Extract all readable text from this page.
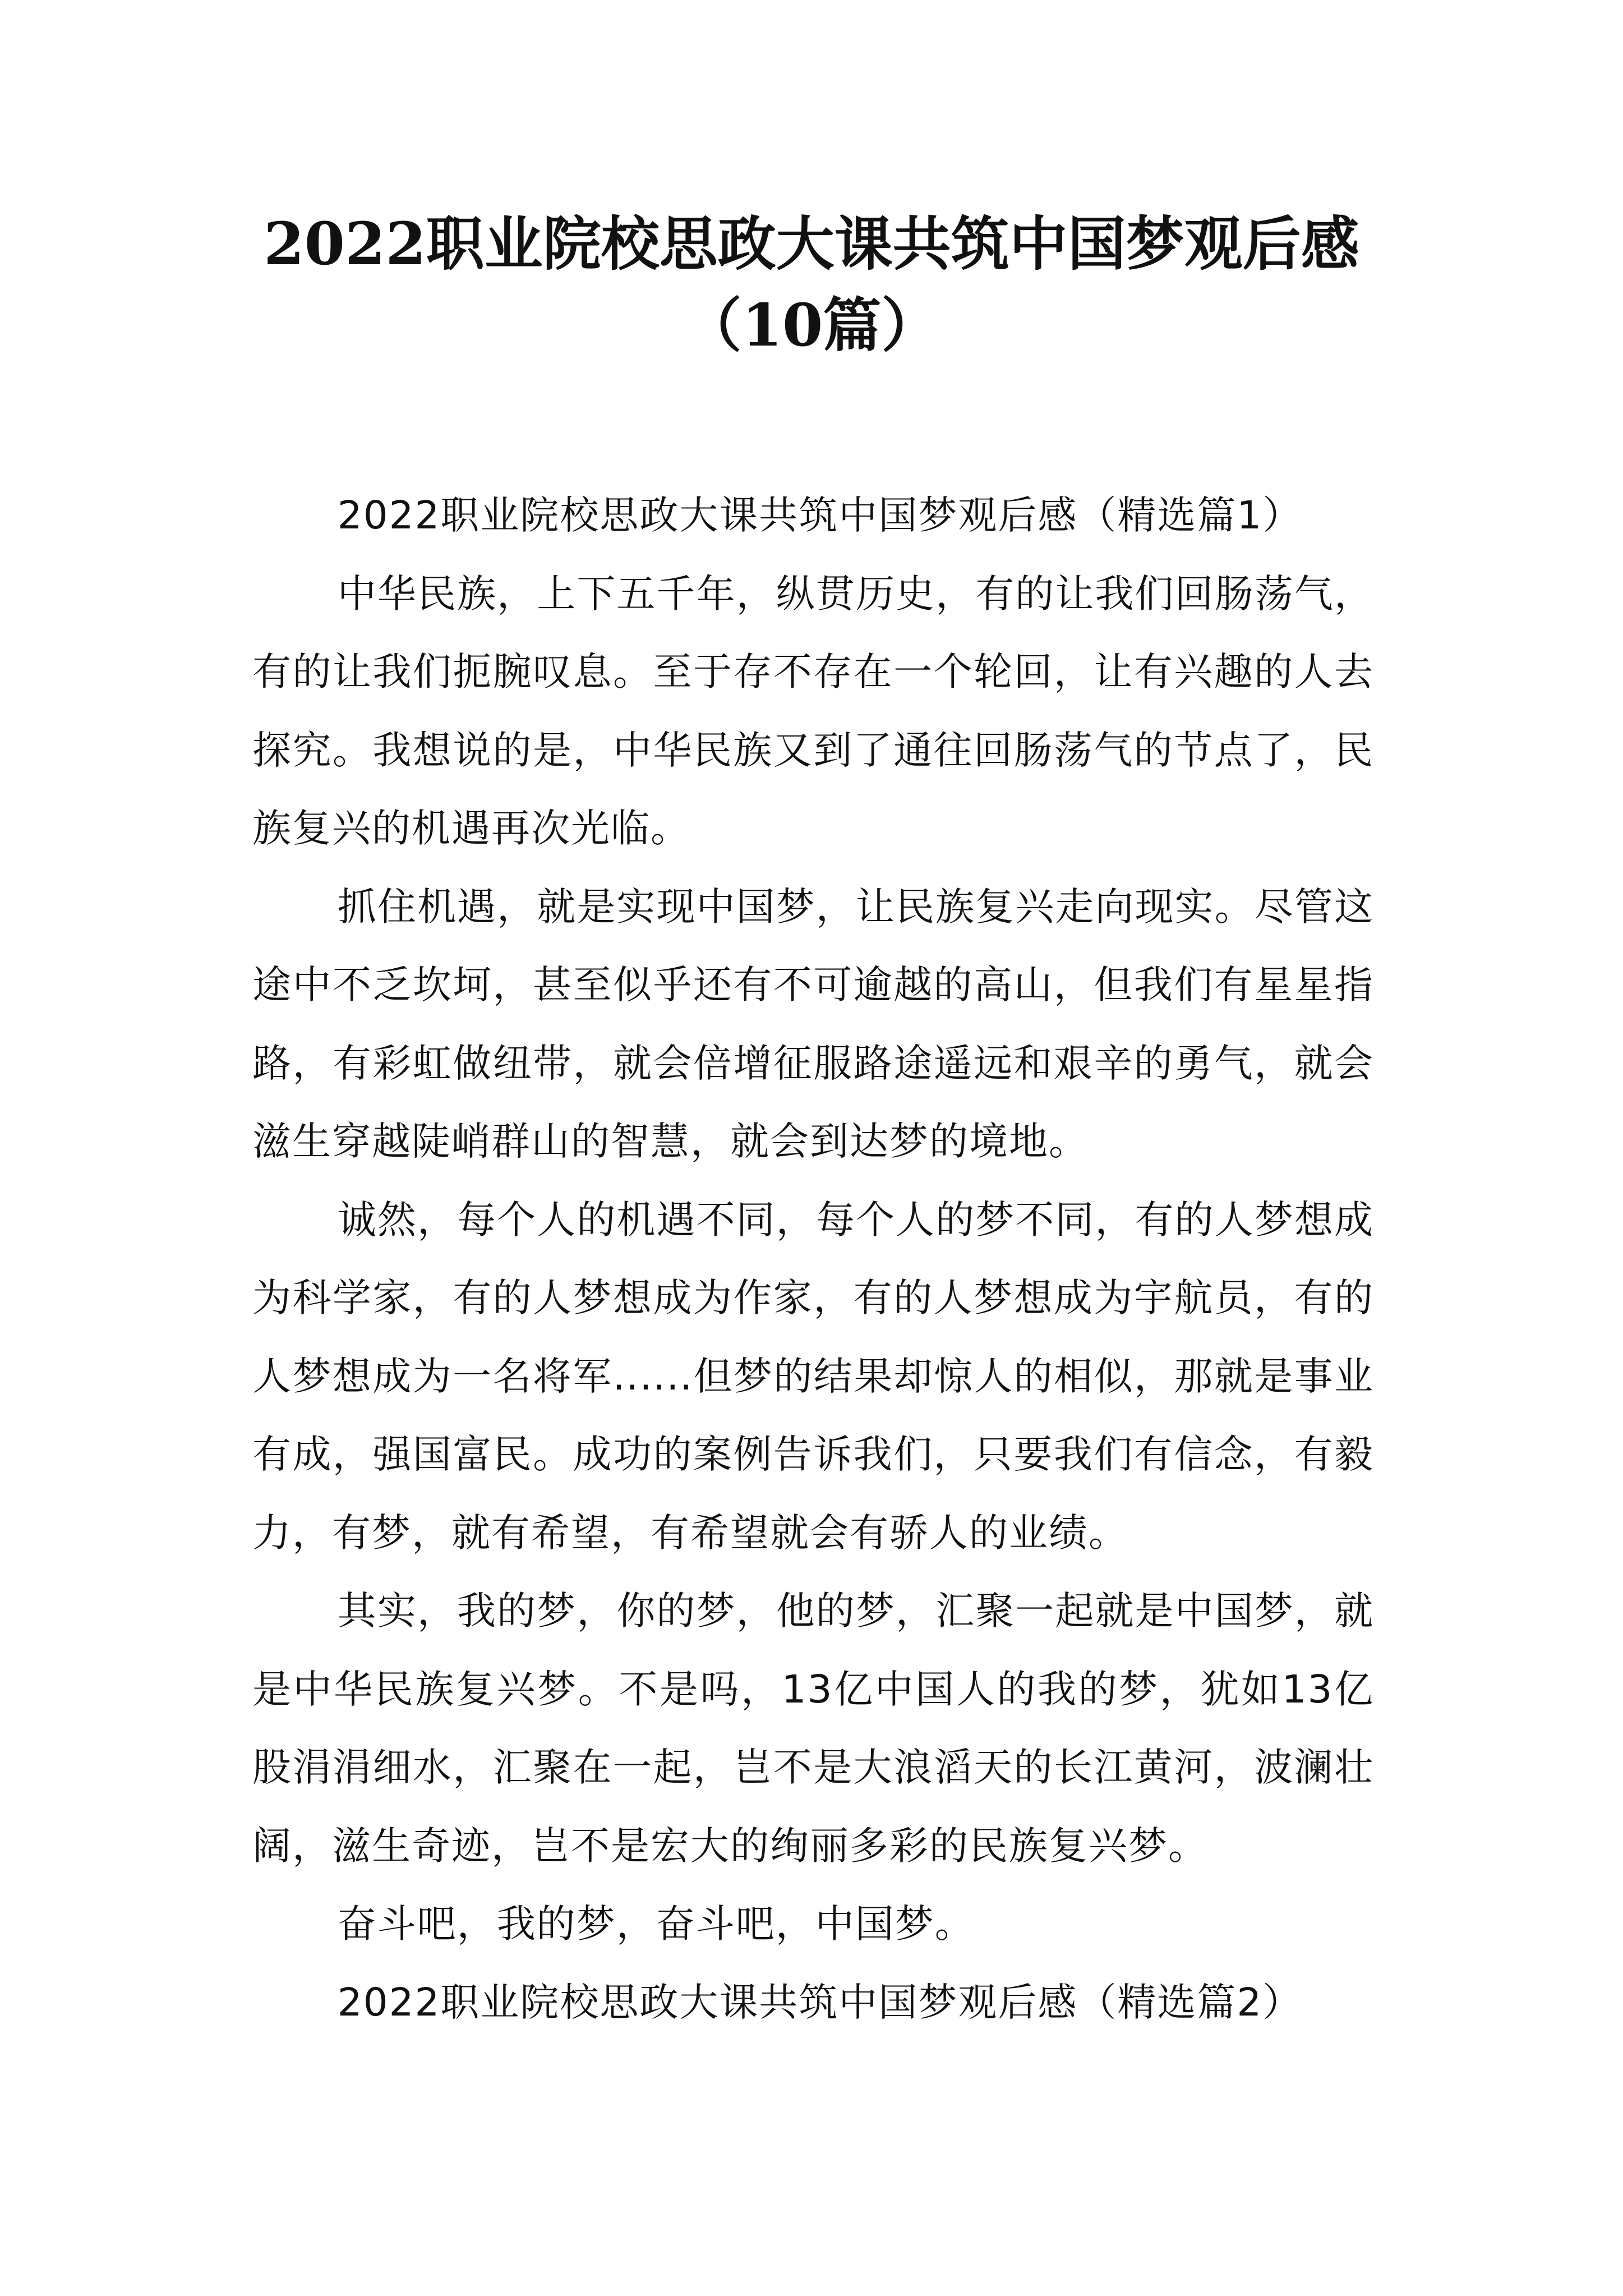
2022职业院校思政大课共筑中国梦观后感
（10篇）

2022职业院校思政大课共筑中国梦观后感（精选篇1）

中华民族，上下五千年，纵贯历史，有的让我们回肠荡气，有的让我们扼腕叹息。至于存不存在一个轮回，让有兴趣的人去探究。我想说的是，中华民族又到了通往回肠荡气的节点了，民族复兴的机遇再次光临。

抓住机遇，就是实现中国梦，让民族复兴走向现实。尽管这途中不乏坎坷，甚至似乎还有不可逾越的高山，但我们有星星指路，有彩虹做纽带，就会倍增征服路途遥远和艰辛的勇气，就会滋生穿越陡峭群山的智慧，就会到达梦的境地。

诚然，每个人的机遇不同，每个人的梦不同，有的人梦想成为科学家，有的人梦想成为作家，有的人梦想成为宇航员，有的人梦想成为一名将军......但梦的结果却惊人的相似，那就是事业有成，强国富民。成功的案例告诉我们，只要我们有信念，有毅力，有梦，就有希望，有希望就会有骄人的业绩。

其实，我的梦，你的梦，他的梦，汇聚一起就是中国梦，就是中华民族复兴梦。不是吗，13亿中国人的我的梦，犹如13亿股涓涓细水，汇聚在一起，岂不是大浪滔天的长江黄河，波澜壮阔，滋生奇迹，岂不是宏大的绚丽多彩的民族复兴梦。

奋斗吧，我的梦，奋斗吧，中国梦。

2022职业院校思政大课共筑中国梦观后感（精选篇2）
